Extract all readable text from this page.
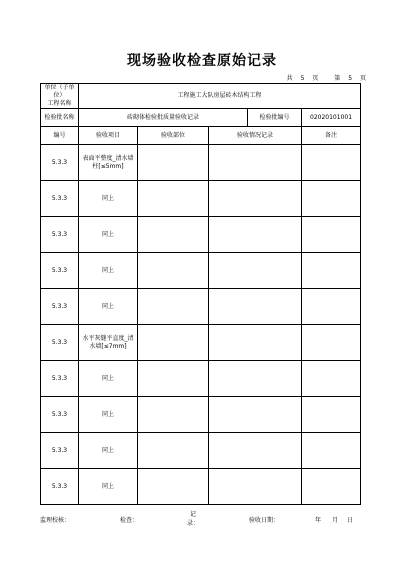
现场验收检查原始记录
共 5 页	第 5 页
单位（子单位）
工程名称	工程施工大队房屋砖木结构工程				
检验批名称	砖砌体检验批质量验收记录			检验批编号	02020101001
编号	验收项目	验收部位	验收情况记录		备注
5.3.3	表面平整度_清水墙柱[≤5mm]				
5.3.3	同上				
5.3.3	同上				
5.3.3	同上				
5.3.3	同上				
5.3.3	水平灰缝平直度_清水墙[≤7mm]				
5.3.3	同上				
5.3.3	同上				
5.3.3	同上				
5.3.3	同上				
监理校核：	检查：
记
录：	验收日期：	年 月 日
